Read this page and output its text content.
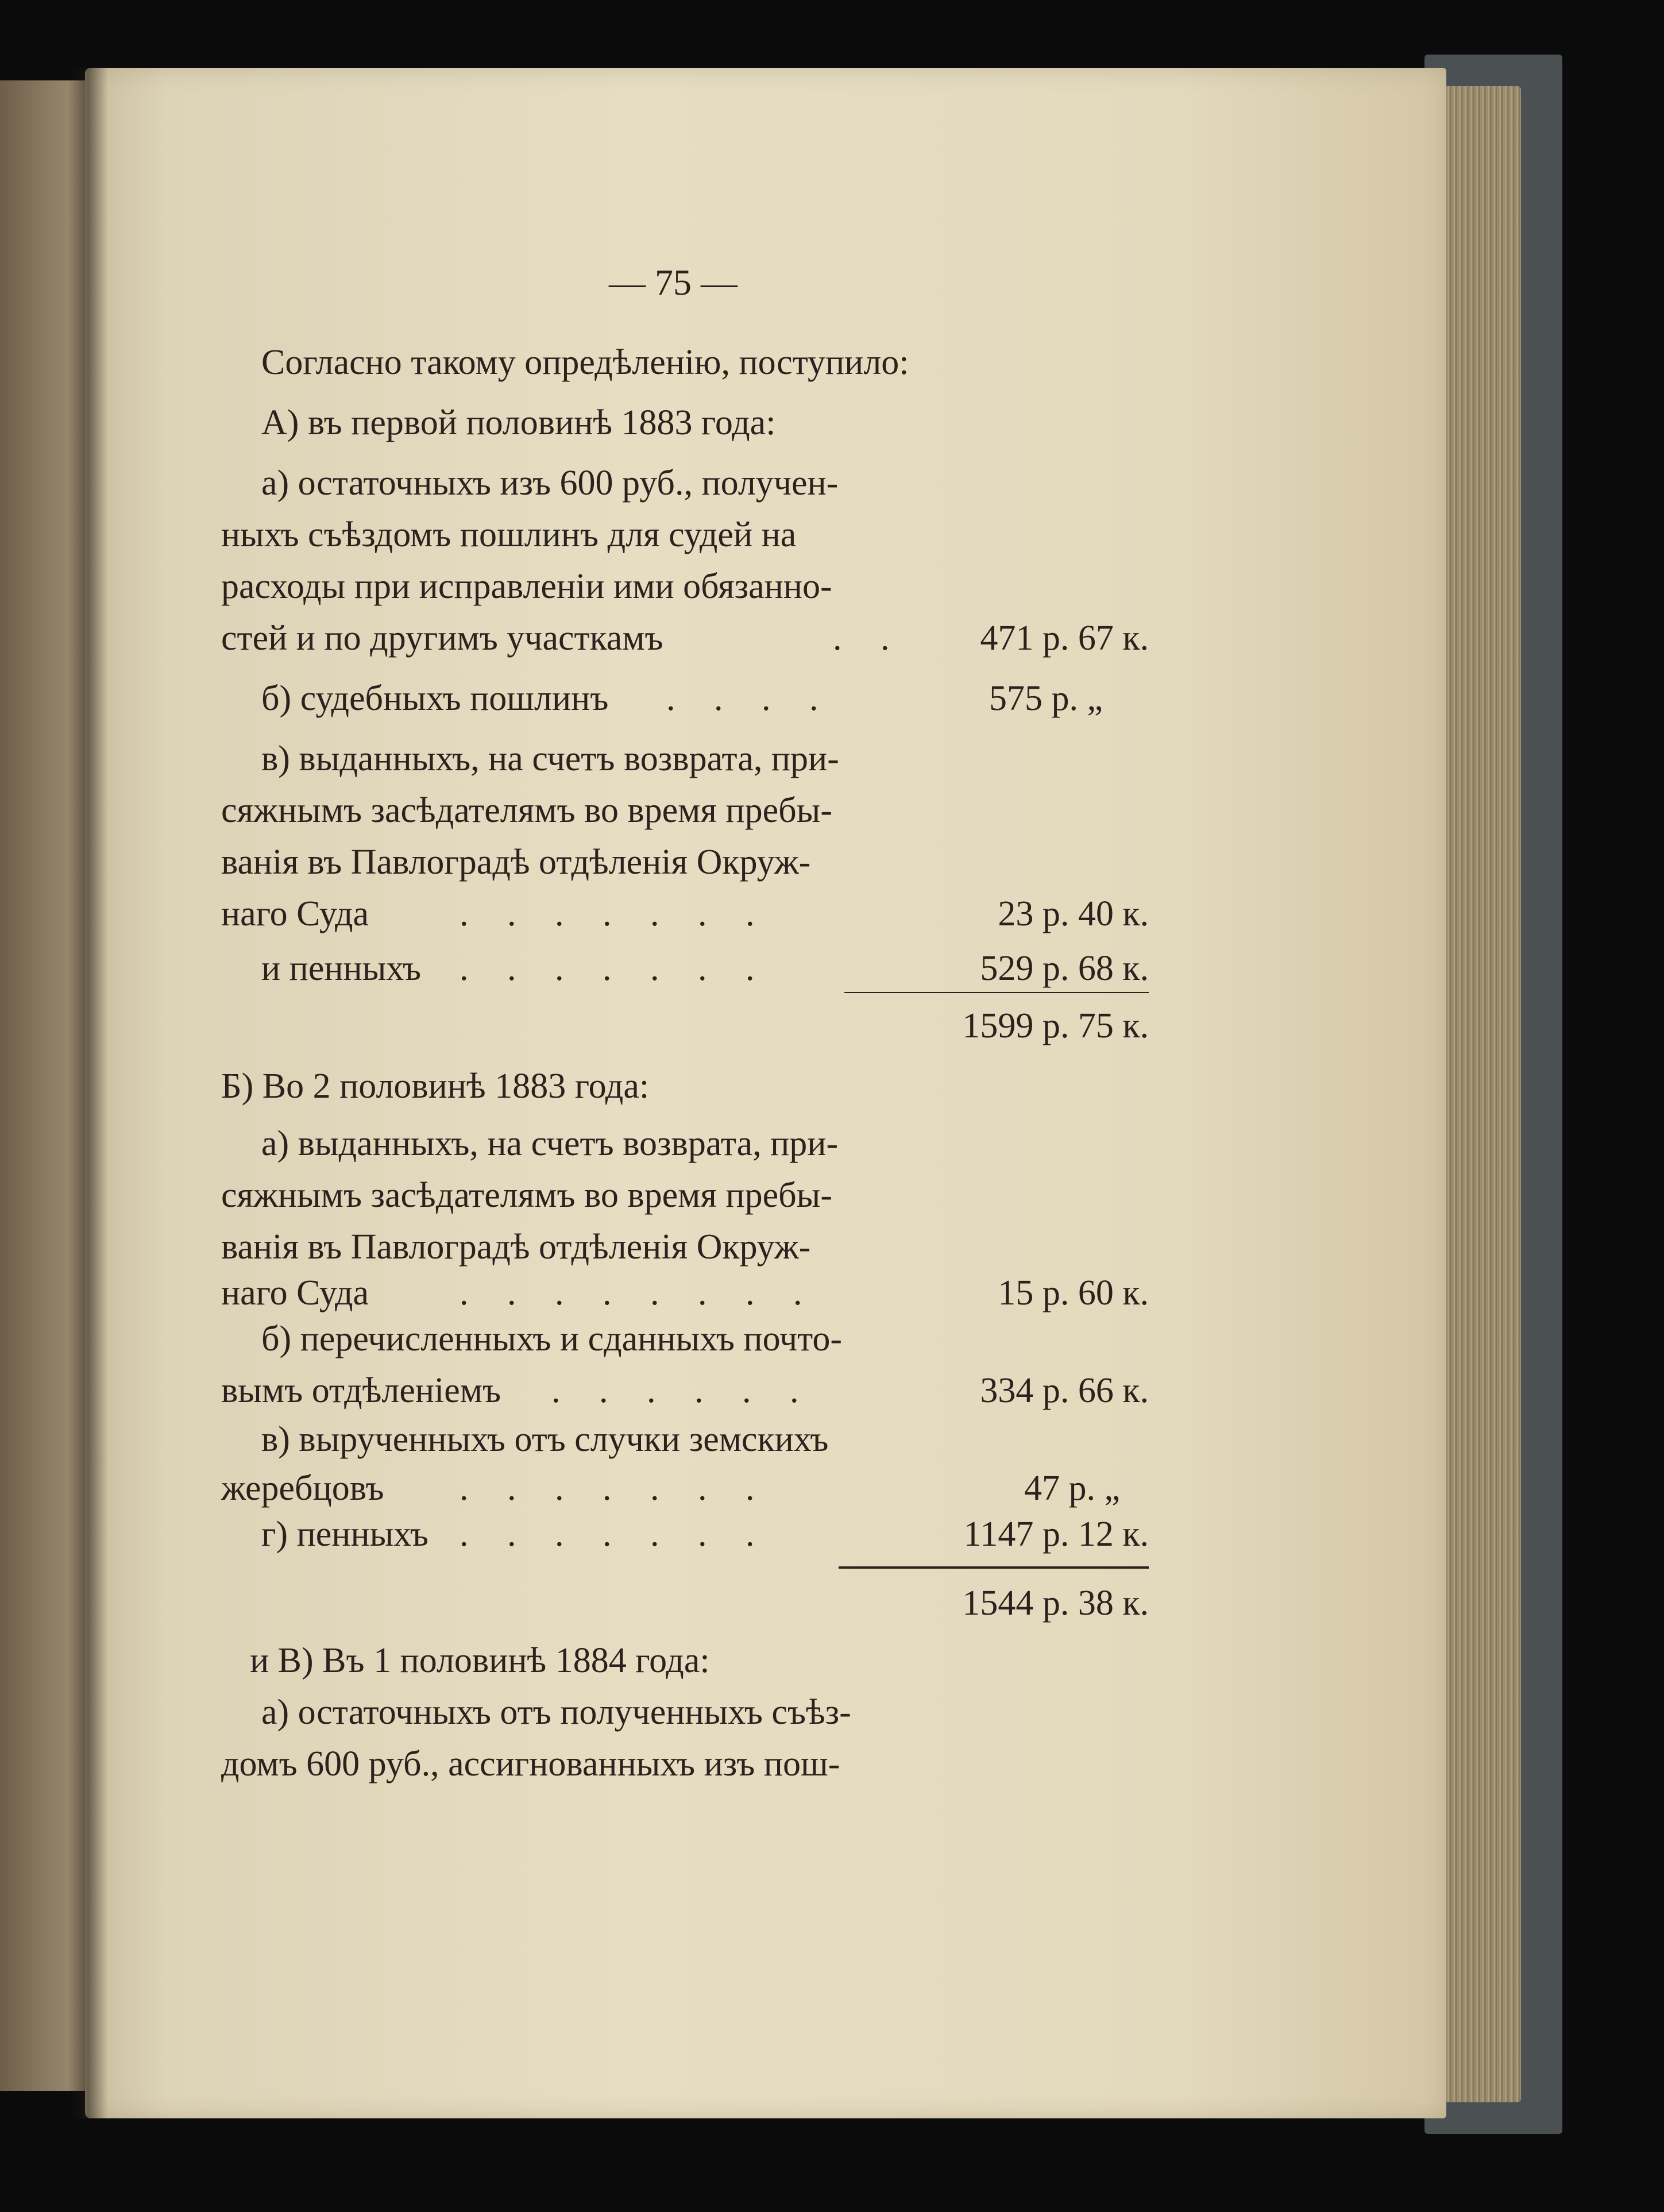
— 75 —
Согласно такому опредѣленію, поступило:
А) въ первой половинѣ 1883 года:
а) остаточныхъ изъ 600 руб., получен-
ныхъ съѣздомъ пошлинъ для судей на
расходы при исправленіи ими обязанно-
стей и по другимъ участкамъ	. .	471 р. 67 к.
б) судебныхъ пошлинъ . . . .	575 р. „
в) выданныхъ, на счетъ возврата, при-
сяжнымъ засѣдателямъ во время пребы-
ванія въ Павлоградѣ отдѣленія Окруж-
наго Суда	. . . . . . .	23 р. 40 к.
и пенныхъ . . . . . . .	529 р. 68 к.
1599 р. 75 к.
Б) Во 2 половинѣ 1883 года:
а) выданныхъ, на счетъ возврата, при-
сяжнымъ засѣдателямъ во время пребы-
ванія въ Павлоградѣ отдѣленія Окруж-
наго Суда	. . . . . . . .	15 р. 60 к.
б) перечисленныхъ и сданныхъ почто-
вымъ отдѣленіемъ . . . . . .	334 р. 66 к.
в) вырученныхъ отъ случки земскихъ
жеребцовъ . . . . . . .	47 р. „
г) пенныхъ . . . . . . .	1147 р. 12 к.
1544 р. 38 к.
и В) Въ 1 половинѣ 1884 года:
а) остаточныхъ отъ полученныхъ съѣз-
домъ 600 руб., ассигнованныхъ изъ пош-
